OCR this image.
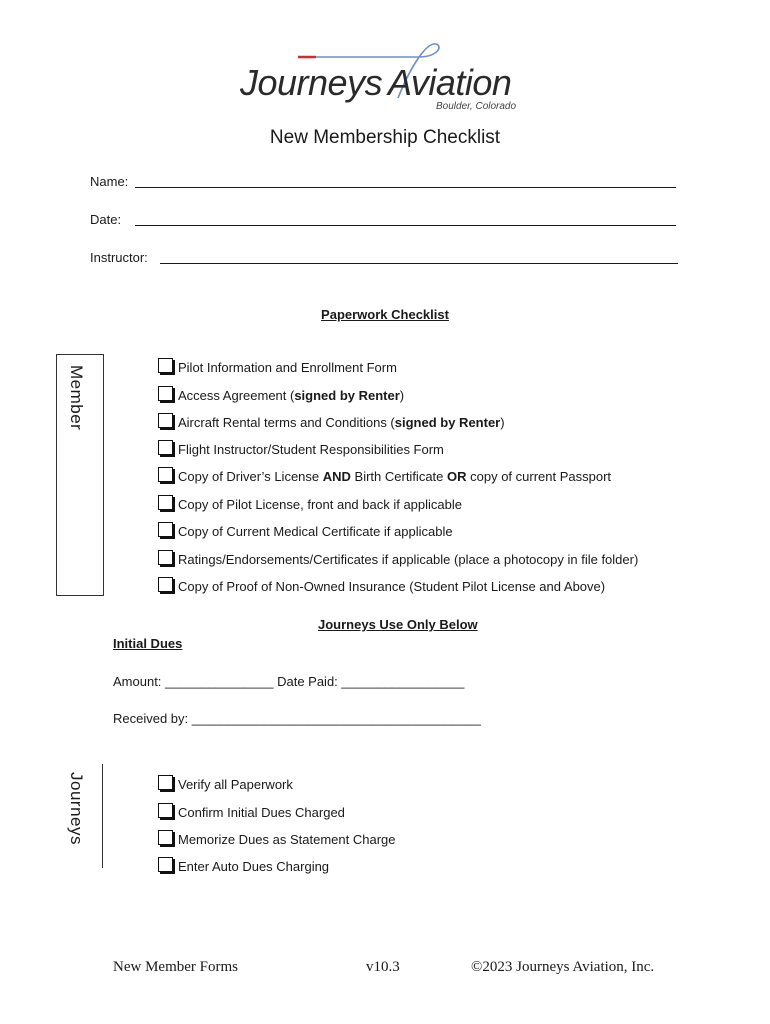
Journeys Aviation
Boulder, Colorado
New Membership Checklist
Name:
Date:
Instructor:
Paperwork Checklist
Member	Pilot Information and Enrollment Form
Access Agreement (signed by Renter)
Aircraft Rental terms and Conditions (signed by Renter)
Flight Instructor/Student Responsibilities Form
Copy of Driver’s License AND Birth Certificate OR copy of current Passport
Copy of Pilot License, front and back if applicable
Copy of Current Medical Certificate if applicable
Ratings/Endorsements/Certificates if applicable (place a photocopy in file folder)
Copy of Proof of Non-Owned Insurance (Student Pilot License and Above)
Journeys Use Only Below
Initial Dues
Amount: _______________ Date Paid: _________________
Received by: ________________________________________
Journeys	Verify all Paperwork
Confirm Initial Dues Charged
Memorize Dues as Statement Charge
Enter Auto Dues Charging
New Member Forms	v10.3	©2023 Journeys Aviation, Inc.
